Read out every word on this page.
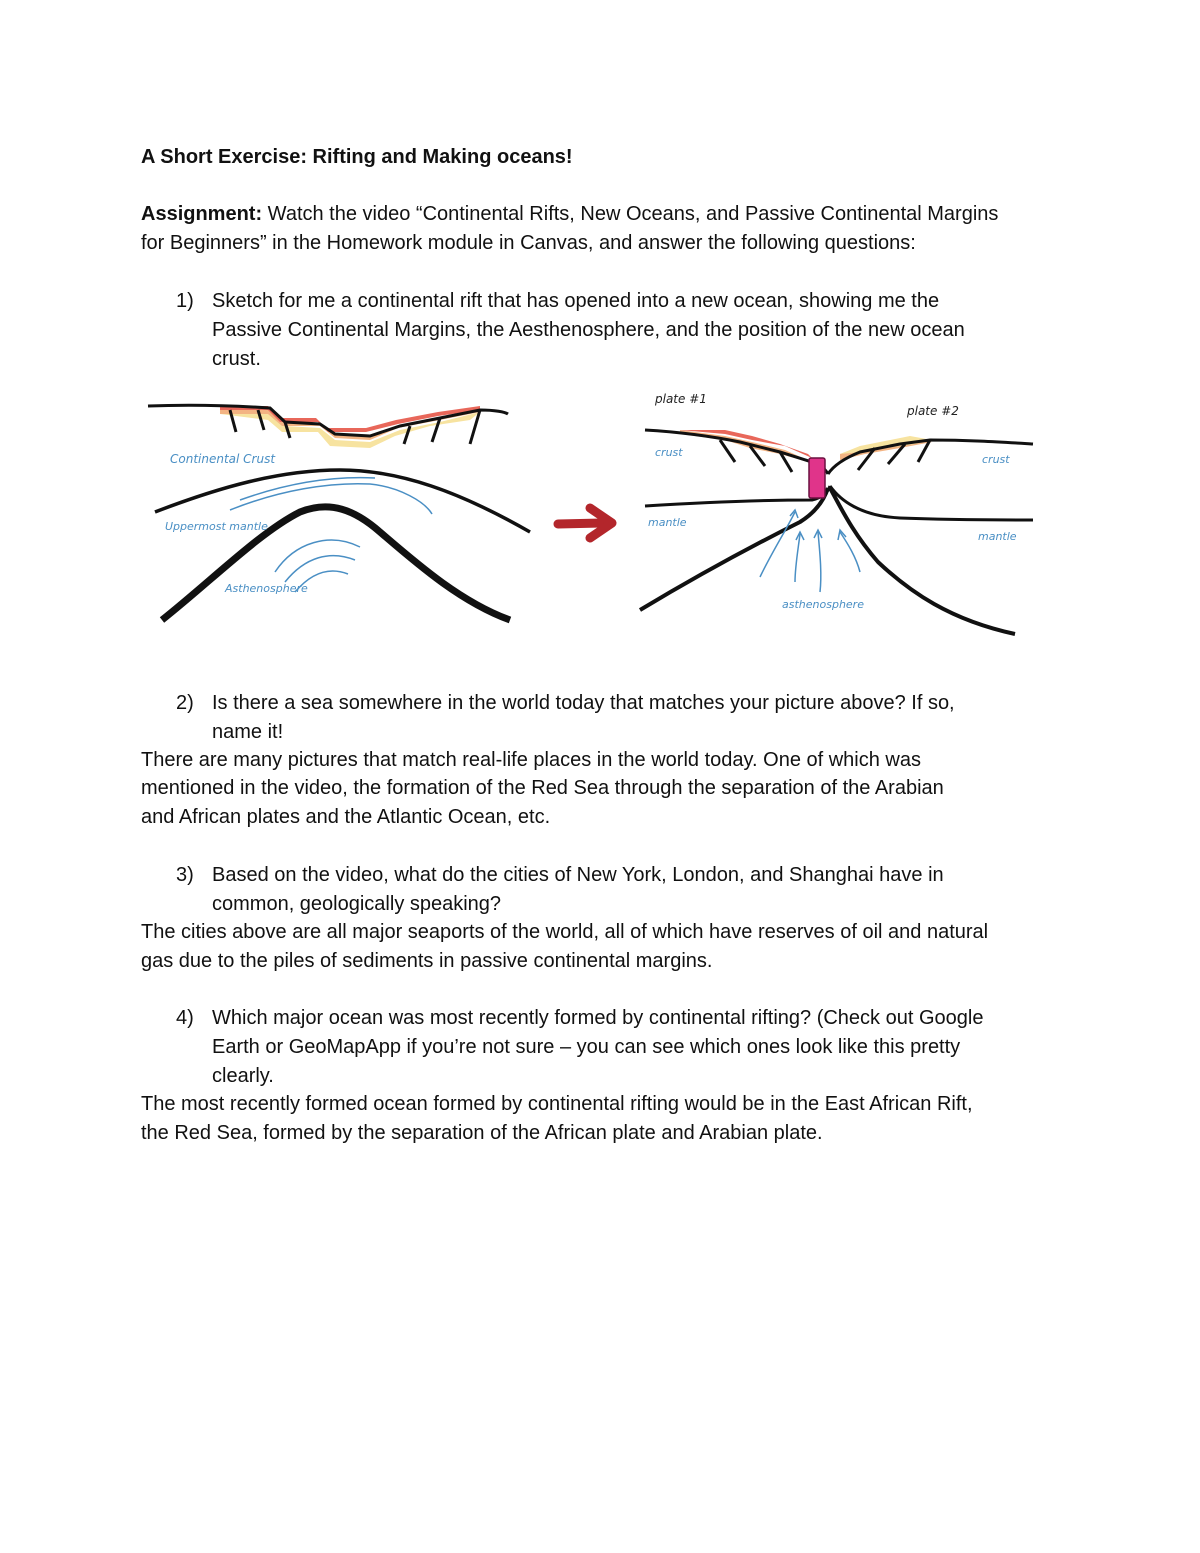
A Short Exercise: Rifting and Making oceans!
Assignment: Watch the video “Continental Rifts, New Oceans, and Passive Continental Margins
for Beginners” in the Homework module in Canvas, and answer the following questions:
1) Sketch for me a continental rift that has opened into a new ocean, showing me the
Passive Continental Margins, the Aesthenosphere, and the position of the new ocean
crust.
Continental Crust
Uppermost mantle
Asthenosphere
plate #1
plate #2
crust
crust
mantle
mantle
asthenosphere
2) Is there a sea somewhere in the world today that matches your picture above? If so,
name it!
There are many pictures that match real-life places in the world today. One of which was
mentioned in the video, the formation of the Red Sea through the separation of the Arabian
and African plates and the Atlantic Ocean, etc.
3) Based on the video, what do the cities of New York, London, and Shanghai have in
common, geologically speaking?
The cities above are all major seaports of the world, all of which have reserves of oil and natural
gas due to the piles of sediments in passive continental margins.
4) Which major ocean was most recently formed by continental rifting? (Check out Google
Earth or GeoMapApp if you’re not sure – you can see which ones look like this pretty
clearly.
The most recently formed ocean formed by continental rifting would be in the East African Rift,
the Red Sea, formed by the separation of the African plate and Arabian plate.
